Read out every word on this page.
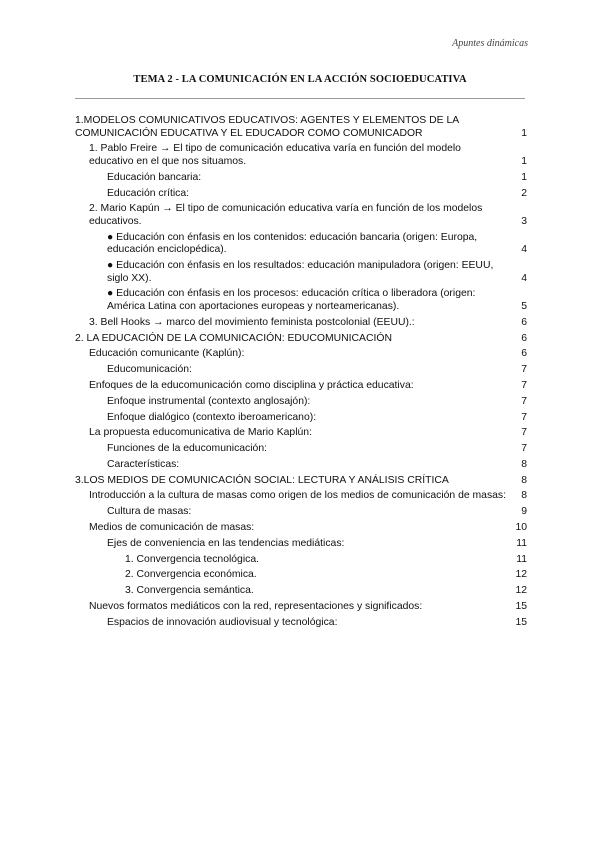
Apuntes dinámicas
TEMA 2 - LA COMUNICACIÓN EN LA ACCIÓN SOCIOEDUCATIVA
1.MODELOS COMUNICATIVOS EDUCATIVOS: AGENTES Y ELEMENTOS DE LA COMUNICACIÓN EDUCATIVA Y EL EDUCADOR COMO COMUNICADOR	1
1. Pablo Freire → El tipo de comunicación educativa varía en función del modelo educativo en el que nos situamos.	1
Educación bancaria:	1
Educación crítica:	2
2. Mario Kapún → El tipo de comunicación educativa varía en función de los modelos educativos.	3
● Educación con énfasis en los contenidos: educación bancaria (origen: Europa, educación enciclopédica).	4
● Educación con énfasis en los resultados: educación manipuladora (origen: EEUU, siglo XX).	4
● Educación con énfasis en los procesos: educación crítica o liberadora (origen: América Latina con aportaciones europeas y norteamericanas).	5
3. Bell Hooks → marco del movimiento feminista postcolonial (EEUU).:	6
2. LA EDUCACIÓN DE LA COMUNICACIÓN: EDUCOMUNICACIÓN	6
Educación comunicante (Kaplún):	6
Educomunicación:	7
Enfoques de la educomunicación como disciplina y práctica educativa:	7
Enfoque instrumental (contexto anglosajón):	7
Enfoque dialógico (contexto iberoamericano):	7
La propuesta educomunicativa de Mario Kaplún:	7
Funciones de la educomunicación:	7
Características:	8
3.LOS MEDIOS DE COMUNICACIÓN SOCIAL: LECTURA Y ANÁLISIS CRÍTICA	8
Introducción a la cultura de masas como origen de los medios de comunicación de masas:	8
Cultura de masas:	9
Medios de comunicación de masas:	10
Ejes de conveniencia en las tendencias mediáticas:	11
1. Convergencia tecnológica.	11
2. Convergencia económica.	12
3. Convergencia semántica.	12
Nuevos formatos mediáticos con la red, representaciones y significados:	15
Espacios de innovación audiovisual y tecnológica:	15
